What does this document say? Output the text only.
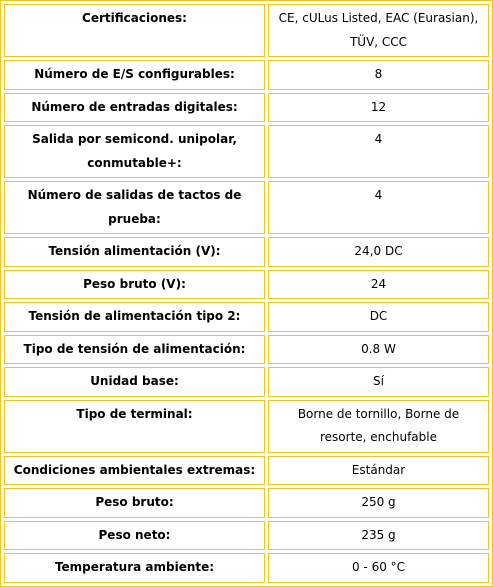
Certificaciones:	CE, cULus Listed, EAC (Eurasian), TÜV, CCC
Número de E/S configurables:	8
Número de entradas digitales:	12
Salida por semicond. unipolar, conmutable+:	4
Número de salidas de tactos de prueba:	4
Tensión alimentación (V):	24,0 DC
Peso bruto (V):	24
Tensión de alimentación tipo 2:	DC
Tipo de tensión de alimentación:	0.8 W
Unidad base:	Sí
Tipo de terminal:	Borne de tornillo, Borne de resorte, enchufable
Condiciones ambientales extremas:	Estándar
Peso bruto:	250 g
Peso neto:	235 g
Temperatura ambiente:	0 - 60 °C
